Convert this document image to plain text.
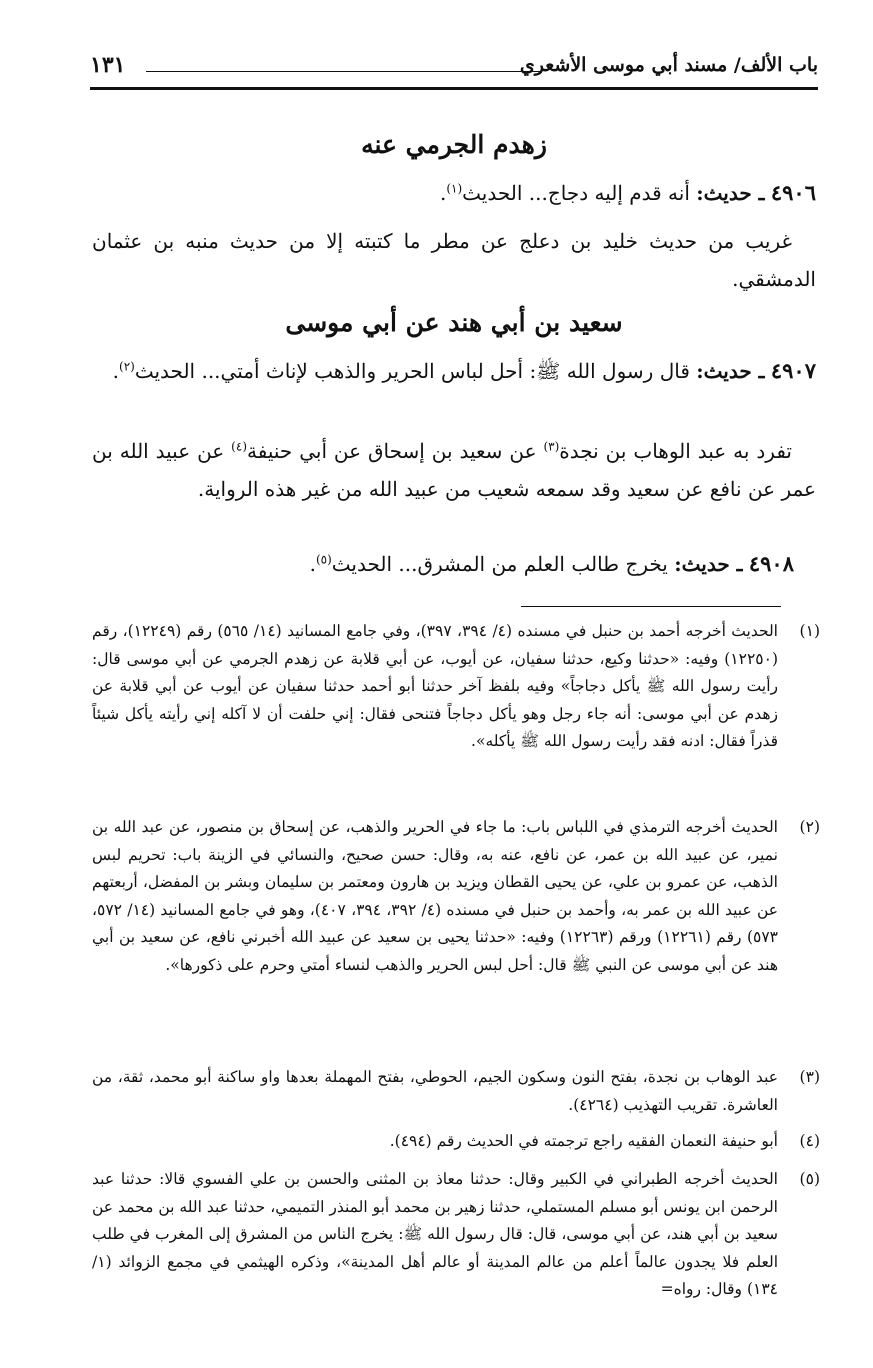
باب الألف/ مسند أبي موسى الأشعري
١٣١
زهدم الجرمي عنه
٤٩٠٦ ـ حديث: أنه قدم إليه دجاج... الحديث$^{(١)}$.
غريب من حديث خليد بن دعلج عن مطر ما كتبته إلا من حديث منبه بن عثمان الدمشقي.
سعيد بن أبي هند عن أبي موسى
٤٩٠٧ ـ حديث: قال رسول الله ﷺ: أحل لباس الحرير والذهب لإناث أمتي... الحديث$^{(٢)}$.
تفرد به عبد الوهاب بن نجدة$^{(٣)}$ عن سعيد بن إسحاق عن أبي حنيفة$^{(٤)}$ عن عبيد الله بن عمر عن نافع عن سعيد وقد سمعه شعيب من عبيد الله من غير هذه الرواية.
٤٩٠٨ ـ حديث: يخرج طالب العلم من المشرق... الحديث$^{(٥)}$.
(١)
الحديث أخرجه أحمد بن حنبل في مسنده (٤/ ٣٩٤، ٣٩٧)، وفي جامع المسانيد (١٤/ ٥٦٥) رقم (١٢٢٤٩)، رقم (١٢٢٥٠) وفيه: «حدثنا وكيع، حدثنا سفيان، عن أيوب، عن أبي قلابة عن زهدم الجرمي عن أبي موسى قال: رأيت رسول الله ﷺ يأكل دجاجاً» وفيه بلفظ آخر حدثنا أبو أحمد حدثنا سفيان عن أيوب عن أبي قلابة عن زهدم عن أبي موسى: أنه جاء رجل وهو يأكل دجاجاً فتنحى فقال: إني حلفت أن لا آكله إني رأيته يأكل شيئاً قذراً فقال: ادنه فقد رأيت رسول الله ﷺ يأكله».
(٢)
الحديث أخرجه الترمذي في اللباس باب: ما جاء في الحرير والذهب، عن إسحاق بن منصور، عن عبد الله بن نمير، عن عبيد الله بن عمر، عن نافع، عنه به، وقال: حسن صحيح، والنسائي في الزينة باب: تحريم لبس الذهب، عن عمرو بن علي، عن يحيى القطان ويزيد بن هارون ومعتمر بن سليمان وبشر بن المفضل، أربعتهم عن عبيد الله بن عمر به، وأحمد بن حنبل في مسنده (٤/ ٣٩٢، ٣٩٤، ٤٠٧)، وهو في جامع المسانيد (١٤/ ٥٧٢، ٥٧٣) رقم (١٢٢٦١) ورقم (١٢٢٦٣) وفيه: «حدثنا يحيى بن سعيد عن عبيد الله أخبرني نافع، عن سعيد بن أبي هند عن أبي موسى عن النبي ﷺ قال: أحل لبس الحرير والذهب لنساء أمتي وحرم على ذكورها».
(٣)
عبد الوهاب بن نجدة، بفتح النون وسكون الجيم، الحوطي، بفتح المهملة بعدها واو ساكنة أبو محمد، ثقة، من العاشرة. تقريب التهذيب (٤٢٦٤).
(٤)
أبو حنيفة النعمان الفقيه راجع ترجمته في الحديث رقم (٤٩٤).
(٥)
الحديث أخرجه الطبراني في الكبير وقال: حدثنا معاذ بن المثنى والحسن بن علي الفسوي قالا: حدثنا عبد الرحمن ابن يونس أبو مسلم المستملي، حدثنا زهير بن محمد أبو المنذر التميمي، حدثنا عبد الله بن محمد عن سعيد بن أبي هند، عن أبي موسى، قال: قال رسول الله ﷺ: يخرج الناس من المشرق إلى المغرب في طلب العلم فلا يجدون عالماً أعلم من عالم المدينة أو عالم أهل المدينة»، وذكره الهيثمي في مجمع الزوائد (١/ ١٣٤) وقال: رواه=
